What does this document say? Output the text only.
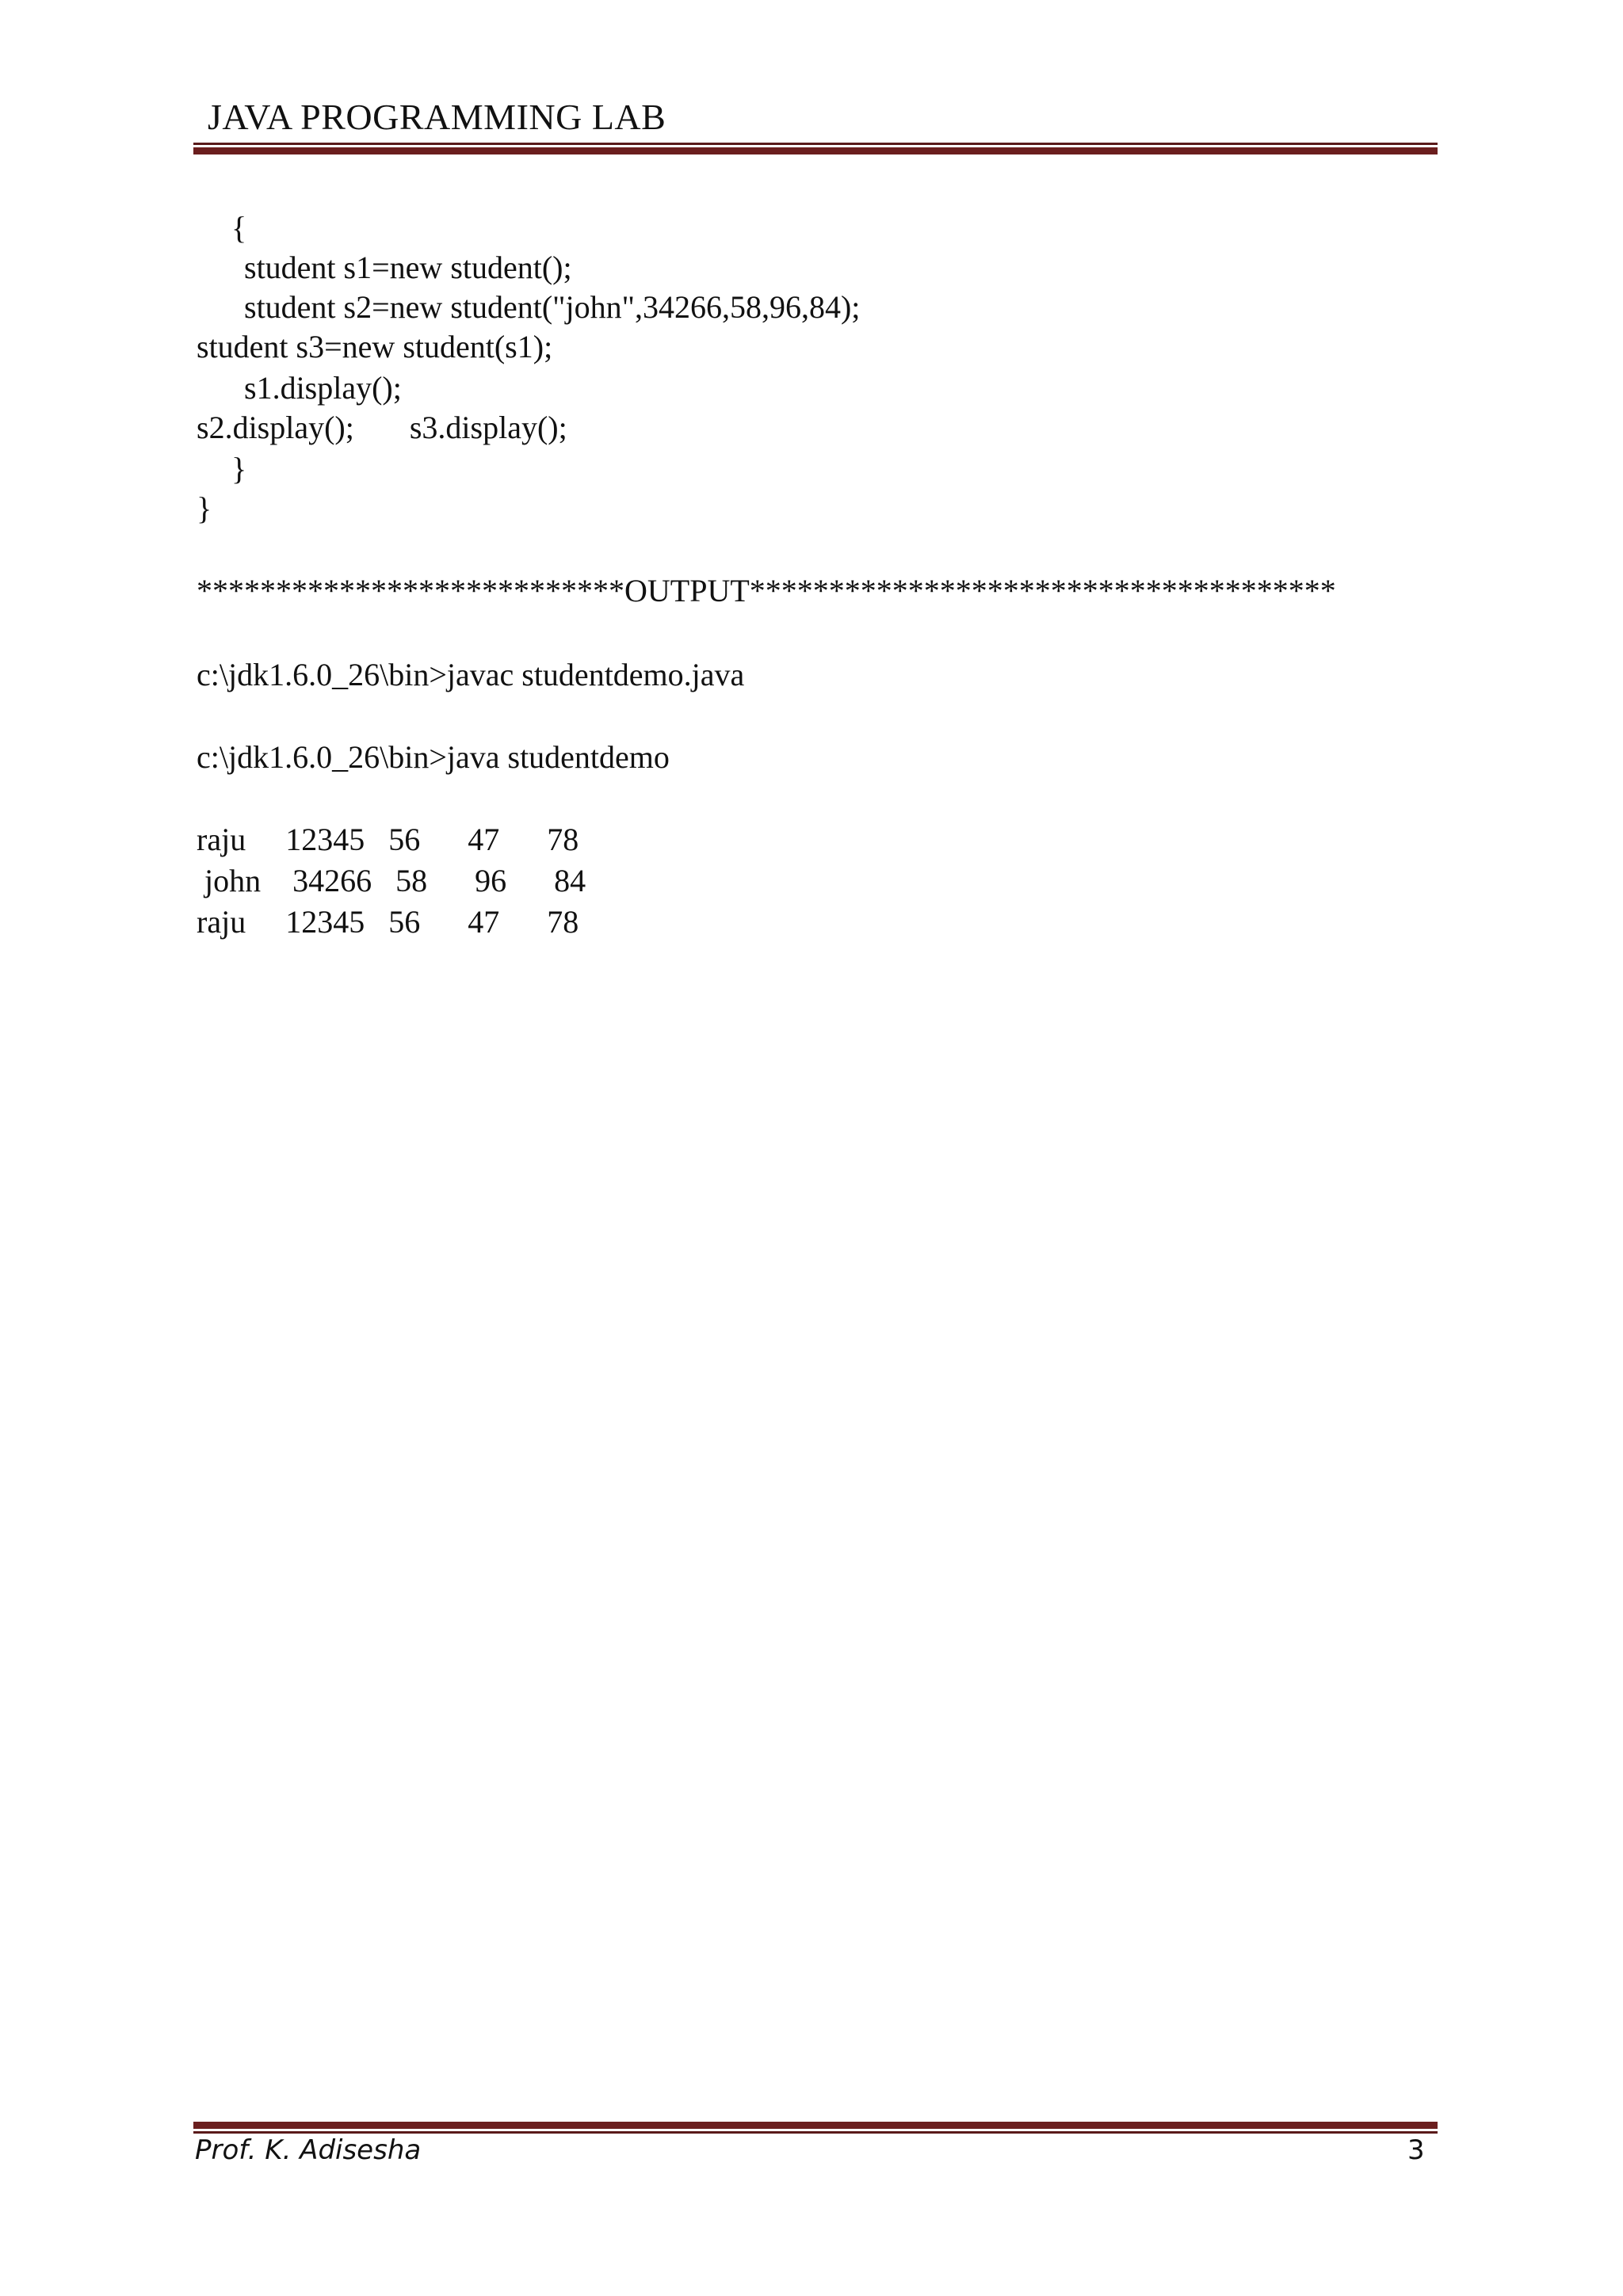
JAVA PROGRAMMING LAB
{
student s1=new student();
student s2=new student("john",34266,58,96,84);
student s3=new student(s1);
s1.display();
s2.display();       s3.display();
}
}
***************************OUTPUT*************************************
c:\jdk1.6.0_26\bin>javac studentdemo.java
c:\jdk1.6.0_26\bin>java studentdemo
raju     12345   56      47      78
john    34266   58      96      84
raju     12345   56      47      78
Prof. K. Adisesha	3
